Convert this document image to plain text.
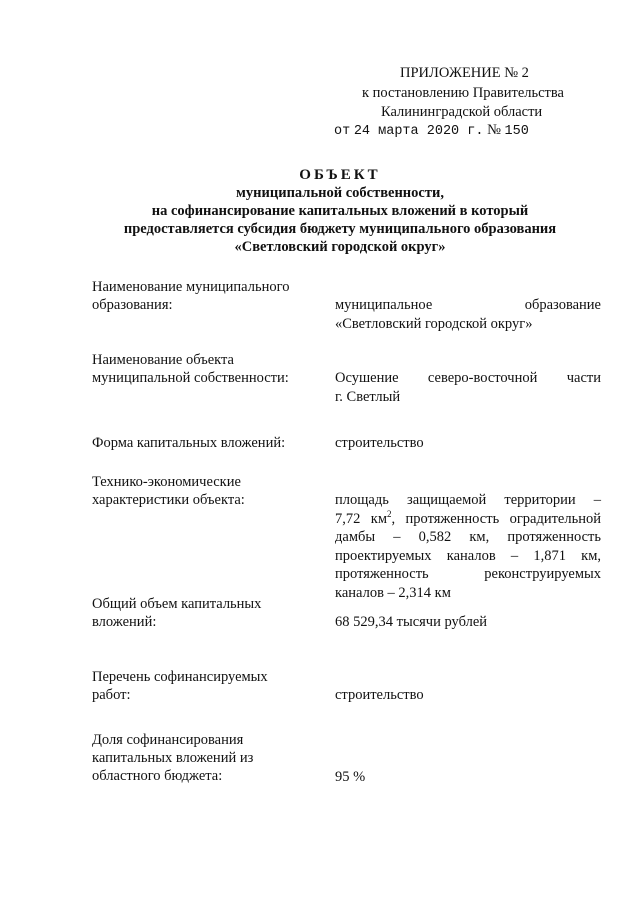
ПРИЛОЖЕНИЕ № 2
к постановлению Правительства
Калининградской области
от 24 марта 2020 г. № 150
ОБЪЕКТ
муниципальной собственности,
на софинансирование капитальных вложений в который
предоставляется субсидия бюджету муниципального образования
«Светловский городской округ»
Наименование муниципального
образования:	муниципальное образование
«Светловский городской округ»
Наименование объекта
муниципальной собственности:	Осушение северо-восточной части
г. Светлый
Форма капитальных вложений:	строительство
Технико-экономические
характеристики объекта:	площадь защищаемой территории –
7,72 $км^2$, протяженность оградительной
дамбы – 0,582 км, протяженность
проектируемых каналов – 1,871 км,
протяженность реконструируемых
каналов – 2,314 км
Общий объем капитальных
вложений:	68 529,34 тысячи рублей
Перечень софинансируемых
работ:	строительство
Доля софинансирования
капитальных вложений из
областного бюджета:	95 %
